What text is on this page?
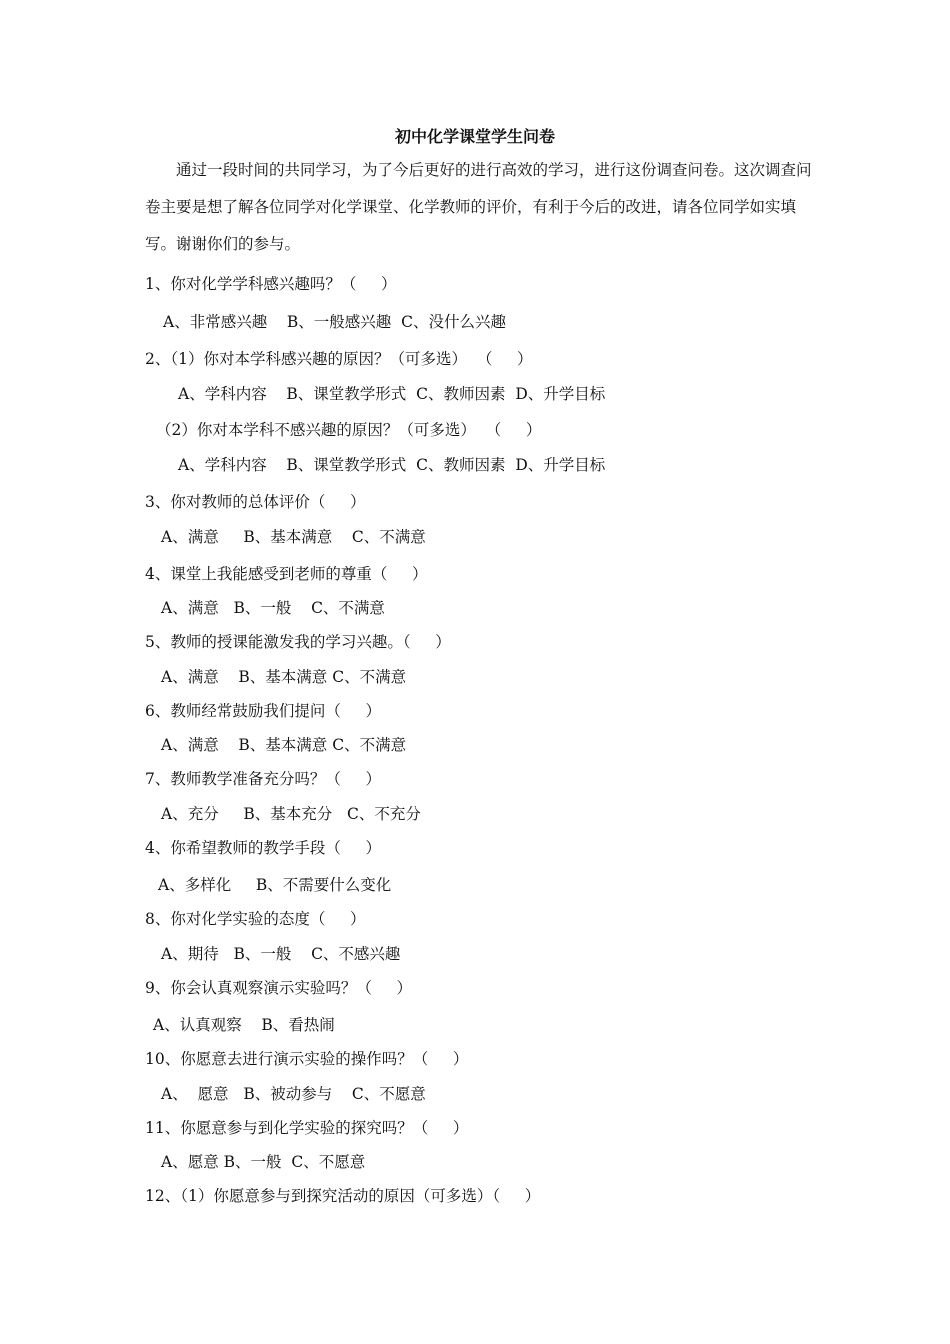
初中化学课堂学生问卷
通过一段时间的共同学习，为了今后更好的进行高效的学习，进行这份调查问卷。这次调查问卷主要是想了解各位同学对化学课堂、化学教师的评价，有利于今后的改进，请各位同学如实填写。谢谢你们的参与。
1、你对化学学科感兴趣吗？（     ）
A、非常感兴趣    B、一般感兴趣  C、没什么兴趣
2、（1）你对本学科感兴趣的原因？（可多选）  （     ）
A、学科内容    B、课堂教学形式  C、教师因素  D、升学目标
（2）你对本学科不感兴趣的原因？（可多选）  （     ）
A、学科内容    B、课堂教学形式  C、教师因素  D、升学目标
3、你对教师的总体评价（     ）
A、满意     B、基本满意    C、不满意
4、课堂上我能感受到老师的尊重（     ）
A、满意   B、一般    C、不满意
5、教师的授课能激发我的学习兴趣。（     ）
A、满意    B、基本满意 C、不满意
6、教师经常鼓励我们提问（     ）
A、满意    B、基本满意 C、不满意
7、教师教学准备充分吗？（     ）
A、充分     B、基本充分   C、不充分
4、你希望教师的教学手段（     ）
A、多样化     B、不需要什么变化
8、你对化学实验的态度（     ）
A、期待   B、一般    C、不感兴趣
9、你会认真观察演示实验吗？（     ）
A、认真观察    B、看热闹
10、你愿意去进行演示实验的操作吗？（     ）
A、  愿意   B、被动参与    C、不愿意
11、你愿意参与到化学实验的探究吗？（     ）
A、愿意 B、一般  C、不愿意
12、（1）你愿意参与到探究活动的原因（可多选）（     ）
